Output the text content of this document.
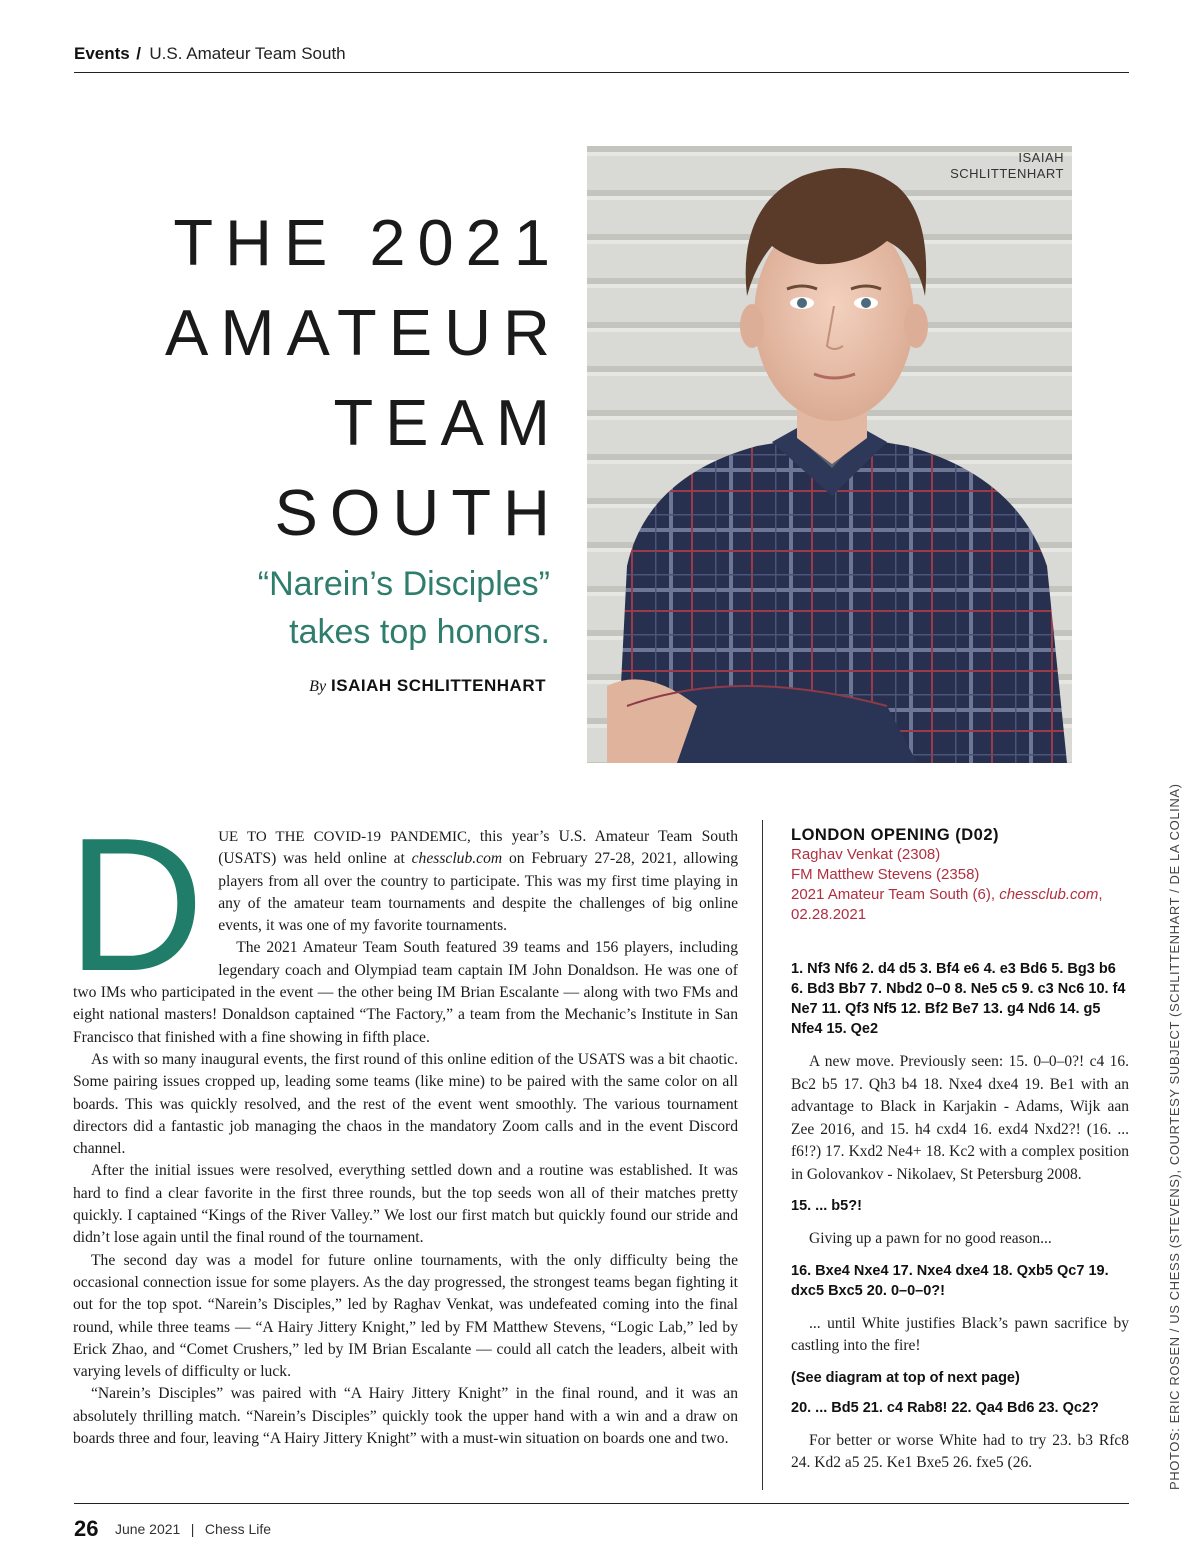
Events / U.S. Amateur Team South
THE 2021
AMATEUR
TEAM
SOUTH
“Narein’s Disciples”
takes top honors.
By ISAIAH SCHLITTENHART
ISAIAH
SCHLITTENHART
PHOTOS: ERIC ROSEN / US CHESS (STEVENS), COURTESY SUBJECT (SCHLITTENHART / DE LA COLINA)
D UE TO THE COVID-19 PANDEMIC, this year’s U.S. Amateur Team South (USATS) was held online at chessclub.com on February 27-28, 2021, allowing players from all over the country to participate. This was my first time playing in any of the amateur team tournaments and despite the challenges of big online events, it was one of my favorite tournaments.

The 2021 Amateur Team South featured 39 teams and 156 players, including legendary coach and Olympiad team captain IM John Donaldson. He was one of two IMs who participated in the event — the other being IM Brian Escalante — along with two FMs and eight national masters! Donaldson captained “The Factory,” a team from the Mechanic’s Institute in San Francisco that finished with a fine showing in fifth place.

As with so many inaugural events, the first round of this online edition of the USATS was a bit chaotic. Some pairing issues cropped up, leading some teams (like mine) to be paired with the same color on all boards. This was quickly resolved, and the rest of the event went smoothly. The various tournament directors did a fantastic job managing the chaos in the mandatory Zoom calls and in the event Discord channel.

After the initial issues were resolved, everything settled down and a routine was established. It was hard to find a clear favorite in the first three rounds, but the top seeds won all of their matches pretty quickly. I captained “Kings of the River Valley.” We lost our first match but quickly found our stride and didn’t lose again until the final round of the tournament.

The second day was a model for future online tournaments, with the only difficulty being the occasional connection issue for some players. As the day progressed, the strongest teams began fighting it out for the top spot. “Narein’s Disciples,” led by Raghav Venkat, was undefeated coming into the final round, while three teams — “A Hairy Jittery Knight,” led by FM Matthew Stevens, “Logic Lab,” led by Erick Zhao, and “Comet Crushers,” led by IM Brian Escalante — could all catch the leaders, albeit with varying levels of difficulty or luck.

“Narein’s Disciples” was paired with “A Hairy Jittery Knight” in the final round, and it was an absolutely thrilling match. “Narein’s Disciples” quickly took the upper hand with a win and a draw on boards three and four, leaving “A Hairy Jittery Knight” with a must-win situation on boards one and two.

LONDON OPENING (D02)
Raghav Venkat (2308)
FM Matthew Stevens (2358)
2021 Amateur Team South (6), chessclub.com, 02.28.2021

1. Nf3 Nf6 2. d4 d5 3. Bf4 e6 4. e3 Bd6 5. Bg3 b6 6. Bd3 Bb7 7. Nbd2 0–0 8. Ne5 c5 9. c3 Nc6 10. f4 Ne7 11. Qf3 Nf5 12. Bf2 Be7 13. g4 Nd6 14. g5 Nfe4 15. Qe2

A new move. Previously seen: 15. 0–0–0?! c4 16. Bc2 b5 17. Qh3 b4 18. Nxe4 dxe4 19. Be1 with an advantage to Black in Karjakin - Adams, Wijk aan Zee 2016, and 15. h4 cxd4 16. exd4 Nxd2?! (16. ... f6!?) 17. Kxd2 Ne4+ 18. Kc2 with a complex position in Golovankov - Nikolaev, St Petersburg 2008.

15. ... b5?!

Giving up a pawn for no good reason...

16. Bxe4 Nxe4 17. Nxe4 dxe4 18. Qxb5 Qc7 19. dxc5 Bxc5 20. 0–0–0?!

... until White justifies Black’s pawn sacrifice by castling into the fire!

(See diagram at top of next page)

20. ... Bd5 21. c4 Rab8! 22. Qa4 Bd6 23. Qc2?

For better or worse White had to try 23. b3 Rfc8 24. Kd2 a5 25. Ke1 Bxe5 26. fxe5 (26.

26 June 2021 | Chess Life
